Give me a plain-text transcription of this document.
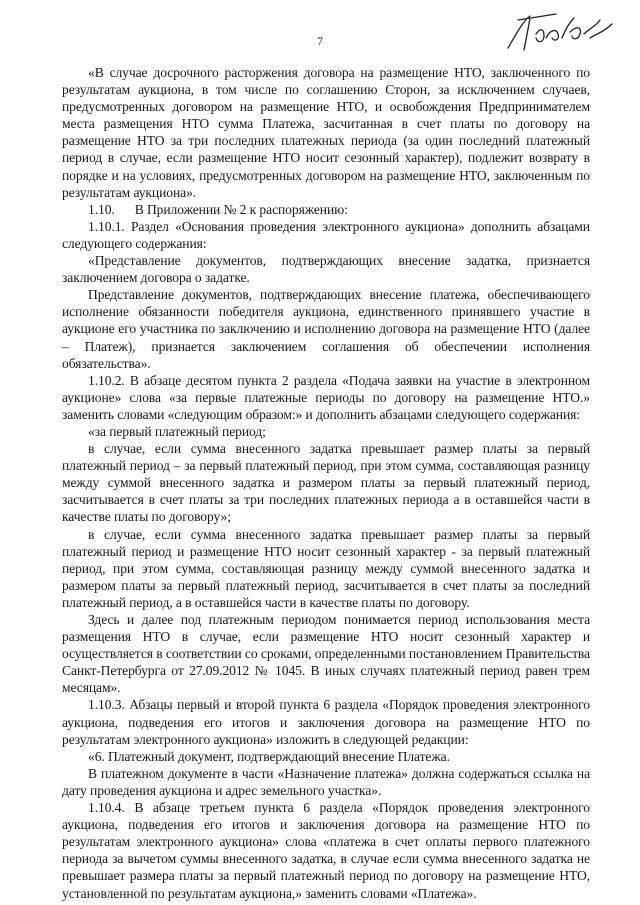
7

«В случае досрочного расторжения договора на размещение НТО, заключенного по результатам аукциона, в том числе по соглашению Сторон, за исключением случаев, предусмотренных договором на размещение НТО, и освобождения Предпринимателем места размещения НТО сумма Платежа, засчитанная в счет платы по договору на размещение НТО за три последних платежных периода (за один последний платежный период в случае, если размещение НТО носит сезонный характер), подлежит возврату в порядке и на условиях, предусмотренных договором на размещение НТО, заключенным по результатам аукциона».

1.10. В Приложении № 2 к распоряжению:

1.10.1. Раздел «Основания проведения электронного аукциона» дополнить абзацами следующего содержания:

«Представление документов, подтверждающих внесение задатка, признается заключением договора о задатке.

Представление документов, подтверждающих внесение платежа, обеспечивающего исполнение обязанности победителя аукциона, единственного принявшего участие в аукционе его участника по заключению и исполнению договора на размещение НТО (далее – Платеж), признается заключением соглашения об обеспечении исполнения обязательства».

1.10.2. В абзаце десятом пункта 2 раздела «Подача заявки на участие в электронном аукционе» слова «за первые платежные периоды по договору на размещение НТО.» заменить словами «следующим образом:» и дополнить абзацами следующего содержания:

«за первый платежный период;

в случае, если сумма внесенного задатка превышает размер платы за первый платежный период – за первый платежный период, при этом сумма, составляющая разницу между суммой внесенного задатка и размером платы за первый платежный период, засчитывается в счет платы за три последних платежных периода а в оставшейся части в качестве платы по договору»;

в случае, если сумма внесенного задатка превышает размер платы за первый платежный период и размещение НТО носит сезонный характер - за первый платежный период, при этом сумма, составляющая разницу между суммой внесенного задатка и размером платы за первый платежный период, засчитывается в счет платы за последний платежный период, а в оставшейся части в качестве платы по договору.

Здесь и далее под платежным периодом понимается период использования места размещения НТО в случае, если размещение НТО носит сезонный характер и осуществляется в соответствии со сроками, определенными постановлением Правительства Санкт-Петербурга от 27.09.2012 № 1045. В иных случаях платежный период равен трем месяцам».

1.10.3. Абзацы первый и второй пункта 6 раздела «Порядок проведения электронного аукциона, подведения его итогов и заключения договора на размещение НТО по результатам электронного аукциона» изложить в следующей редакции:

«6. Платежный документ, подтверждающий внесение Платежа.

В платежном документе в части «Назначение платежа» должна содержаться ссылка на дату проведения аукциона и адрес земельного участка».

1.10.4. В абзаце третьем пункта 6 раздела «Порядок проведения электронного аукциона, подведения его итогов и заключения договора на размещение НТО по результатам электронного аукциона» слова «платежа в счет оплаты первого платежного периода за вычетом суммы внесенного задатка, в случае если сумма внесенного задатка не превышает размера платы за первый платежный период по договору на размещение НТО, установленной по результатам аукциона,» заменить словами «Платежа».
